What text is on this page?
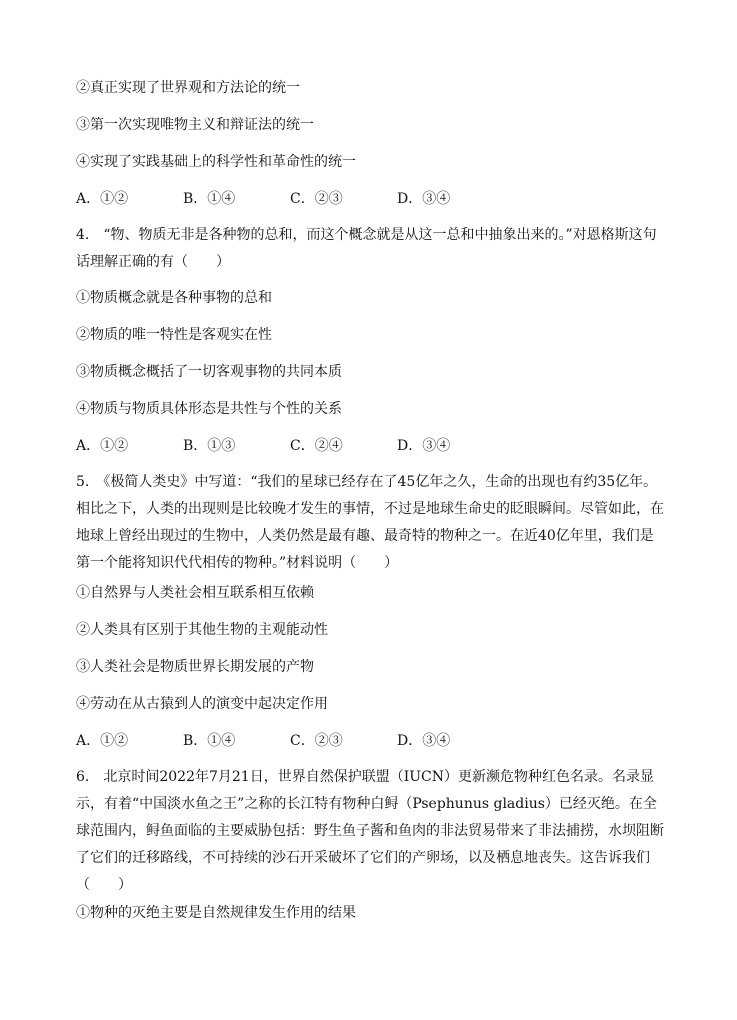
②真正实现了世界观和方法论的统一
③第一次实现唯物主义和辩证法的统一
④实现了实践基础上的科学性和革命性的统一
A．①②	B．①④	C．②③	D．③④
4.　“物、物质无非是各种物的总和，而这个概念就是从这一总和中抽象出来的。”对恩格斯这句话理解正确的有（　　）
①物质概念就是各种事物的总和
②物质的唯一特性是客观实在性
③物质概念概括了一切客观事物的共同本质
④物质与物质具体形态是共性与个性的关系
A．①②	B．①③	C．②④	D．③④
5.　《极简人类史》中写道：“我们的星球已经存在了45亿年之久，生命的出现也有约35亿年。相比之下，人类的出现则是比较晚才发生的事情，不过是地球生命史的眨眼瞬间。尽管如此，在地球上曾经出现过的生物中，人类仍然是最有趣、最奇特的物种之一。在近40亿年里，我们是第一个能将知识代代相传的物种。”材料说明（　　）
①自然界与人类社会相互联系相互依赖
②人类具有区别于其他生物的主观能动性
③人类社会是物质世界长期发展的产物
④劳动在从古猿到人的演变中起决定作用
A．①②	B．①④	C．②③	D．③④
6.　北京时间2022年7月21日，世界自然保护联盟（IUCN）更新濒危物种红色名录。名录显示，有着“中国淡水鱼之王”之称的长江特有物种白鲟（Psephunus gladius）已经灭绝。在全球范围内，鲟鱼面临的主要威胁包括：野生鱼子酱和鱼肉的非法贸易带来了非法捕捞，水坝阻断了它们的迁移路线，不可持续的沙石开采破坏了它们的产卵场，以及栖息地丧失。这告诉我们（　　）
①物种的灭绝主要是自然规律发生作用的结果
